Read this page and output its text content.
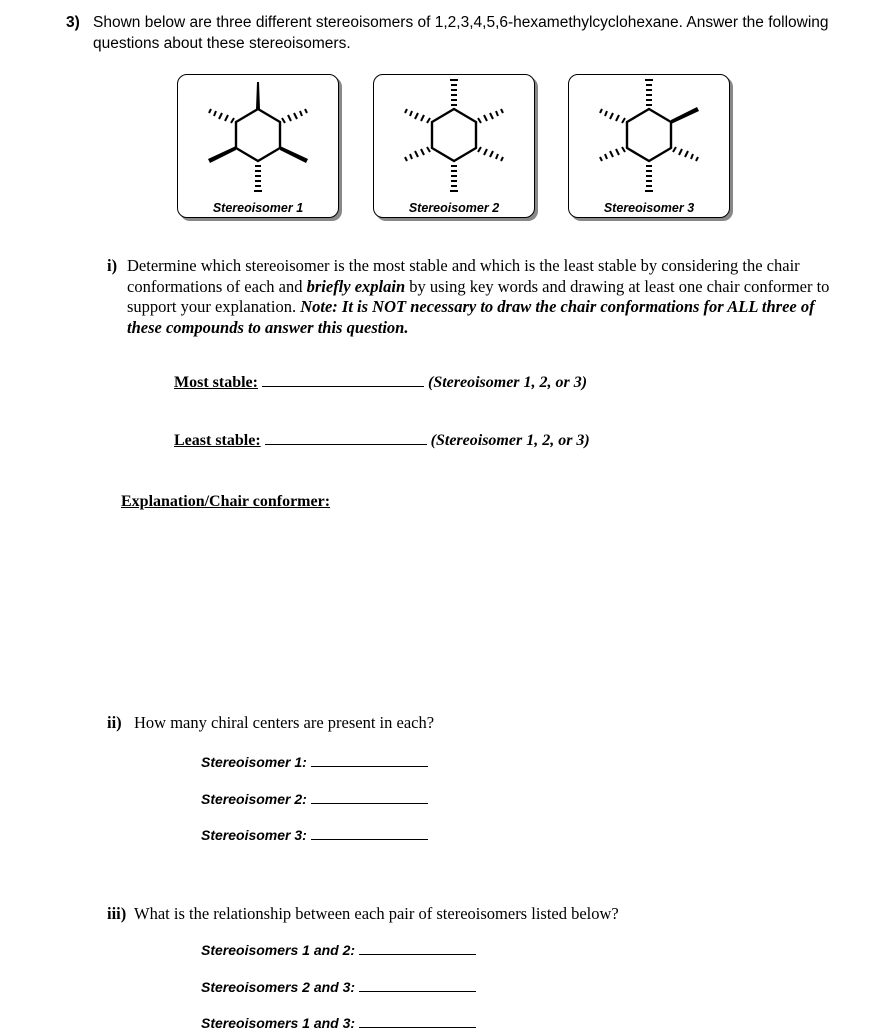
3) Shown below are three different stereoisomers of 1,2,3,4,5,6-hexamethylcyclohexane. Answer the following questions about these stereoisomers.
Stereoisomer 1	Stereoisomer 2	Stereoisomer 3
i) Determine which stereoisomer is the most stable and which is the least stable by considering the chair conformations of each and briefly explain by using key words and drawing at least one chair conformer to support your explanation. Note: It is NOT necessary to draw the chair conformations for ALL three of these compounds to answer this question.
Most stable:	(Stereoisomer 1, 2, or 3)
Least stable:	(Stereoisomer 1, 2, or 3)
Explanation/Chair conformer:
ii) How many chiral centers are present in each?
Stereoisomer 1:
Stereoisomer 2:
Stereoisomer 3:
iii) What is the relationship between each pair of stereoisomers listed below?
Stereoisomers 1 and 2:
Stereoisomers 2 and 3:
Stereoisomers 1 and 3:
